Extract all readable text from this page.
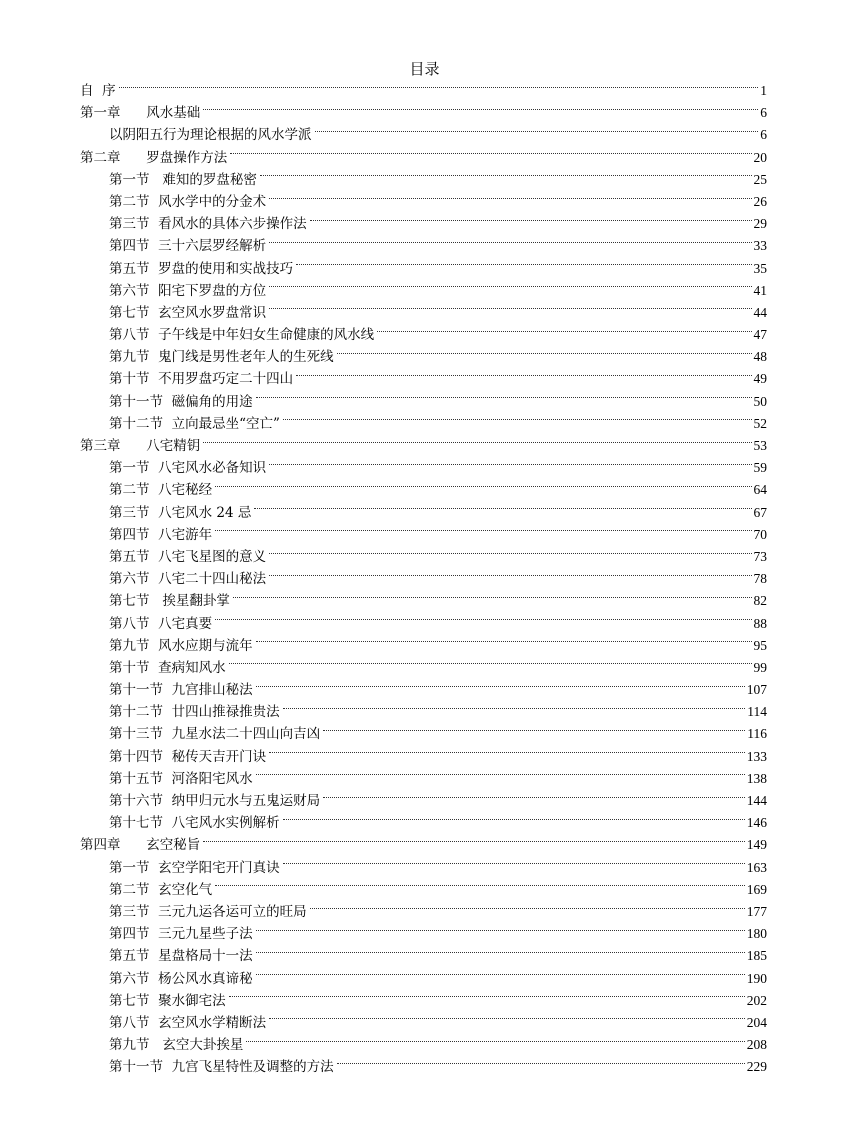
目录
自  序	1
第一章      风水基础	6
以阴阳五行为理论根据的风水学派	6
第二章      罗盘操作方法	20
第一节   难知的罗盘秘密	25
第二节  风水学中的分金术	26
第三节  看风水的具体六步操作法	29
第四节  三十六层罗经解析	33
第五节  罗盘的使用和实战技巧	35
第六节  阳宅下罗盘的方位	41
第七节  玄空风水罗盘常识	44
第八节  子午线是中年妇女生命健康的风水线	47
第九节  鬼门线是男性老年人的生死线	48
第十节  不用罗盘巧定二十四山	49
第十一节  磁偏角的用途	50
第十二节  立向最忌坐“空亡”	52
第三章      八宅精钥	53
第一节  八宅风水必备知识	59
第二节  八宅秘经	64
第三节  八宅风水 24 忌	67
第四节  八宅游年	70
第五节  八宅飞星图的意义	73
第六节  八宅二十四山秘法	78
第七节   挨星翻卦掌	82
第八节  八宅真要	88
第九节  风水应期与流年	95
第十节  查病知风水	99
第十一节  九宫排山秘法	107
第十二节  廿四山推禄推贵法	114
第十三节  九星水法二十四山向吉凶	116
第十四节  秘传天吉开门诀	133
第十五节  河洛阳宅风水	138
第十六节  纳甲归元水与五鬼运财局	144
第十七节  八宅风水实例解析	146
第四章      玄空秘旨	149
第一节  玄空学阳宅开门真诀	163
第二节  玄空化气	169
第三节  三元九运各运可立的旺局	177
第四节  三元九星些子法	180
第五节  星盘格局十一法	185
第六节  杨公风水真谛秘	190
第七节  聚水御宅法	202
第八节  玄空风水学精断法	204
第九节   玄空大卦挨星	208
第十一节  九宫飞星特性及调整的方法	229
